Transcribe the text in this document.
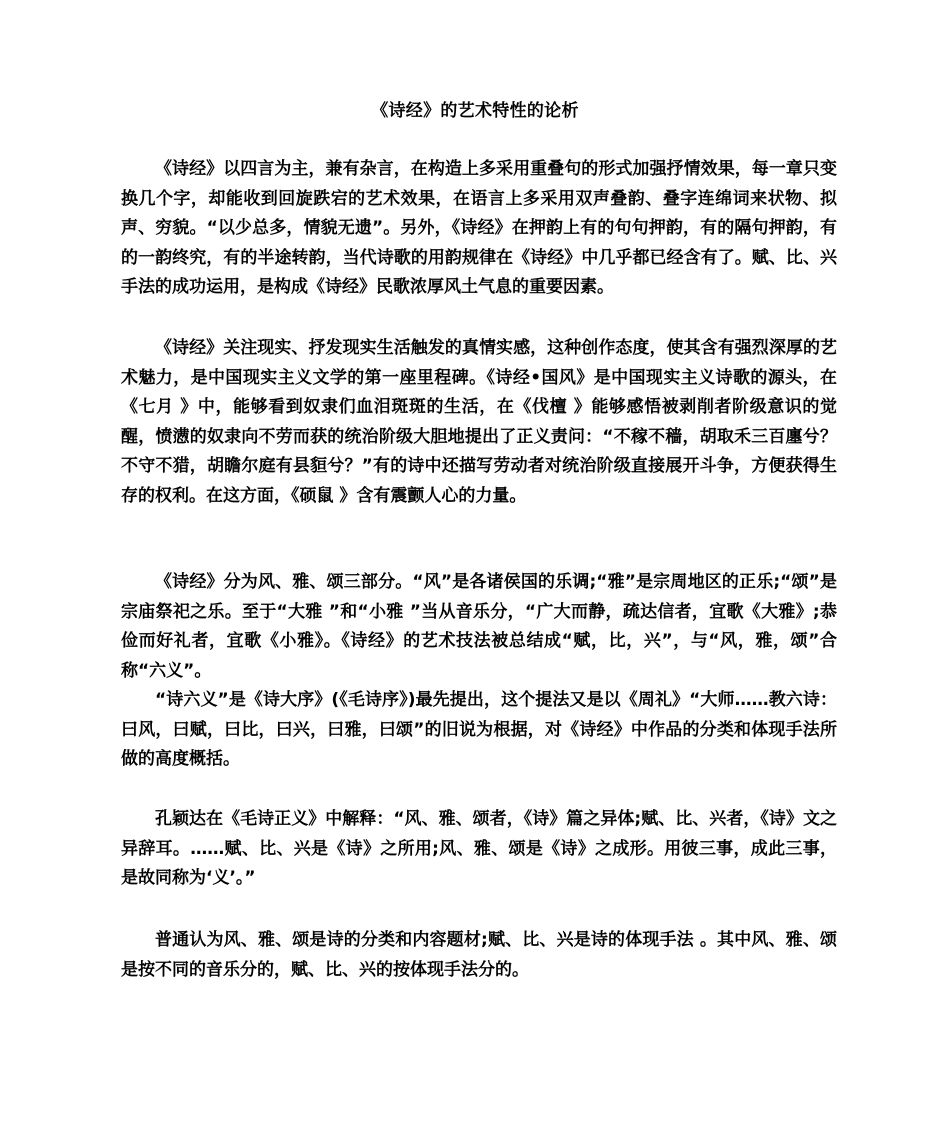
《诗经》的艺术特性的论析

《诗经》以四言为主，兼有杂言，在构造上多采用重叠句的形式加强抒情效果，每一章只变换几个字，却能收到回旋跌宕的艺术效果，在语言上多采用双声叠韵、叠字连绵词来状物、拟声、穷貌。“以少总多，情貌无遗”。另外，《诗经》在押韵上有的句句押韵，有的隔句押韵，有的一韵终究，有的半途转韵，当代诗歌的用韵规律在《诗经》中几乎都已经含有了。赋、比、兴手法的成功运用，是构成《诗经》民歌浓厚风土气息的重要因素。

《诗经》关注现实、抒发现实生活触发的真情实感，这种创作态度，使其含有强烈深厚的艺术魅力，是中国现实主义文学的第一座里程碑。《诗经•国风》是中国现实主义诗歌的源头，在《七月 》中，能够看到奴隶们血泪斑斑的生活，在《伐檀 》能够感悟被剥削者阶级意识的觉醒，愤懑的奴隶向不劳而获的统治阶级大胆地提出了正义责问：“不稼不穑，胡取禾三百廛兮？不守不猎，胡瞻尔庭有县貆兮？”有的诗中还描写劳动者对统治阶级直接展开斗争，方便获得生存的权利。在这方面，《硕鼠 》含有震颤人心的力量。

《诗经》分为风、雅、颂三部分。“风”是各诸侯国的乐调;“雅”是宗周地区的正乐;“颂”是宗庙祭祀之乐。至于“大雅 ”和“小雅 ”当从音乐分，“广大而静，疏达信者，宜歌《大雅》;恭俭而好礼者，宜歌《小雅》。《诗经》的艺术技法被总结成“赋，比，兴”，与“风，雅，颂”合称“六义”。

“诗六义”是《诗大序》(《毛诗序》)最先提出，这个提法又是以《周礼》“大师……教六诗：曰风，曰赋，曰比，曰兴，曰雅，曰颂”的旧说为根据，对《诗经》中作品的分类和体现手法所做的高度概括。

孔颖达在《毛诗正义》中解释：“风、雅、颂者，《诗》篇之异体;赋、比、兴者，《诗》文之异辞耳。……赋、比、兴是《诗》之所用;风、雅、颂是《诗》之成形。用彼三事，成此三事，是故同称为‘义’。”

普通认为风、雅、颂是诗的分类和内容题材;赋、比、兴是诗的体现手法 。其中风、雅、颂是按不同的音乐分的，赋、比、兴的按体现手法分的。
